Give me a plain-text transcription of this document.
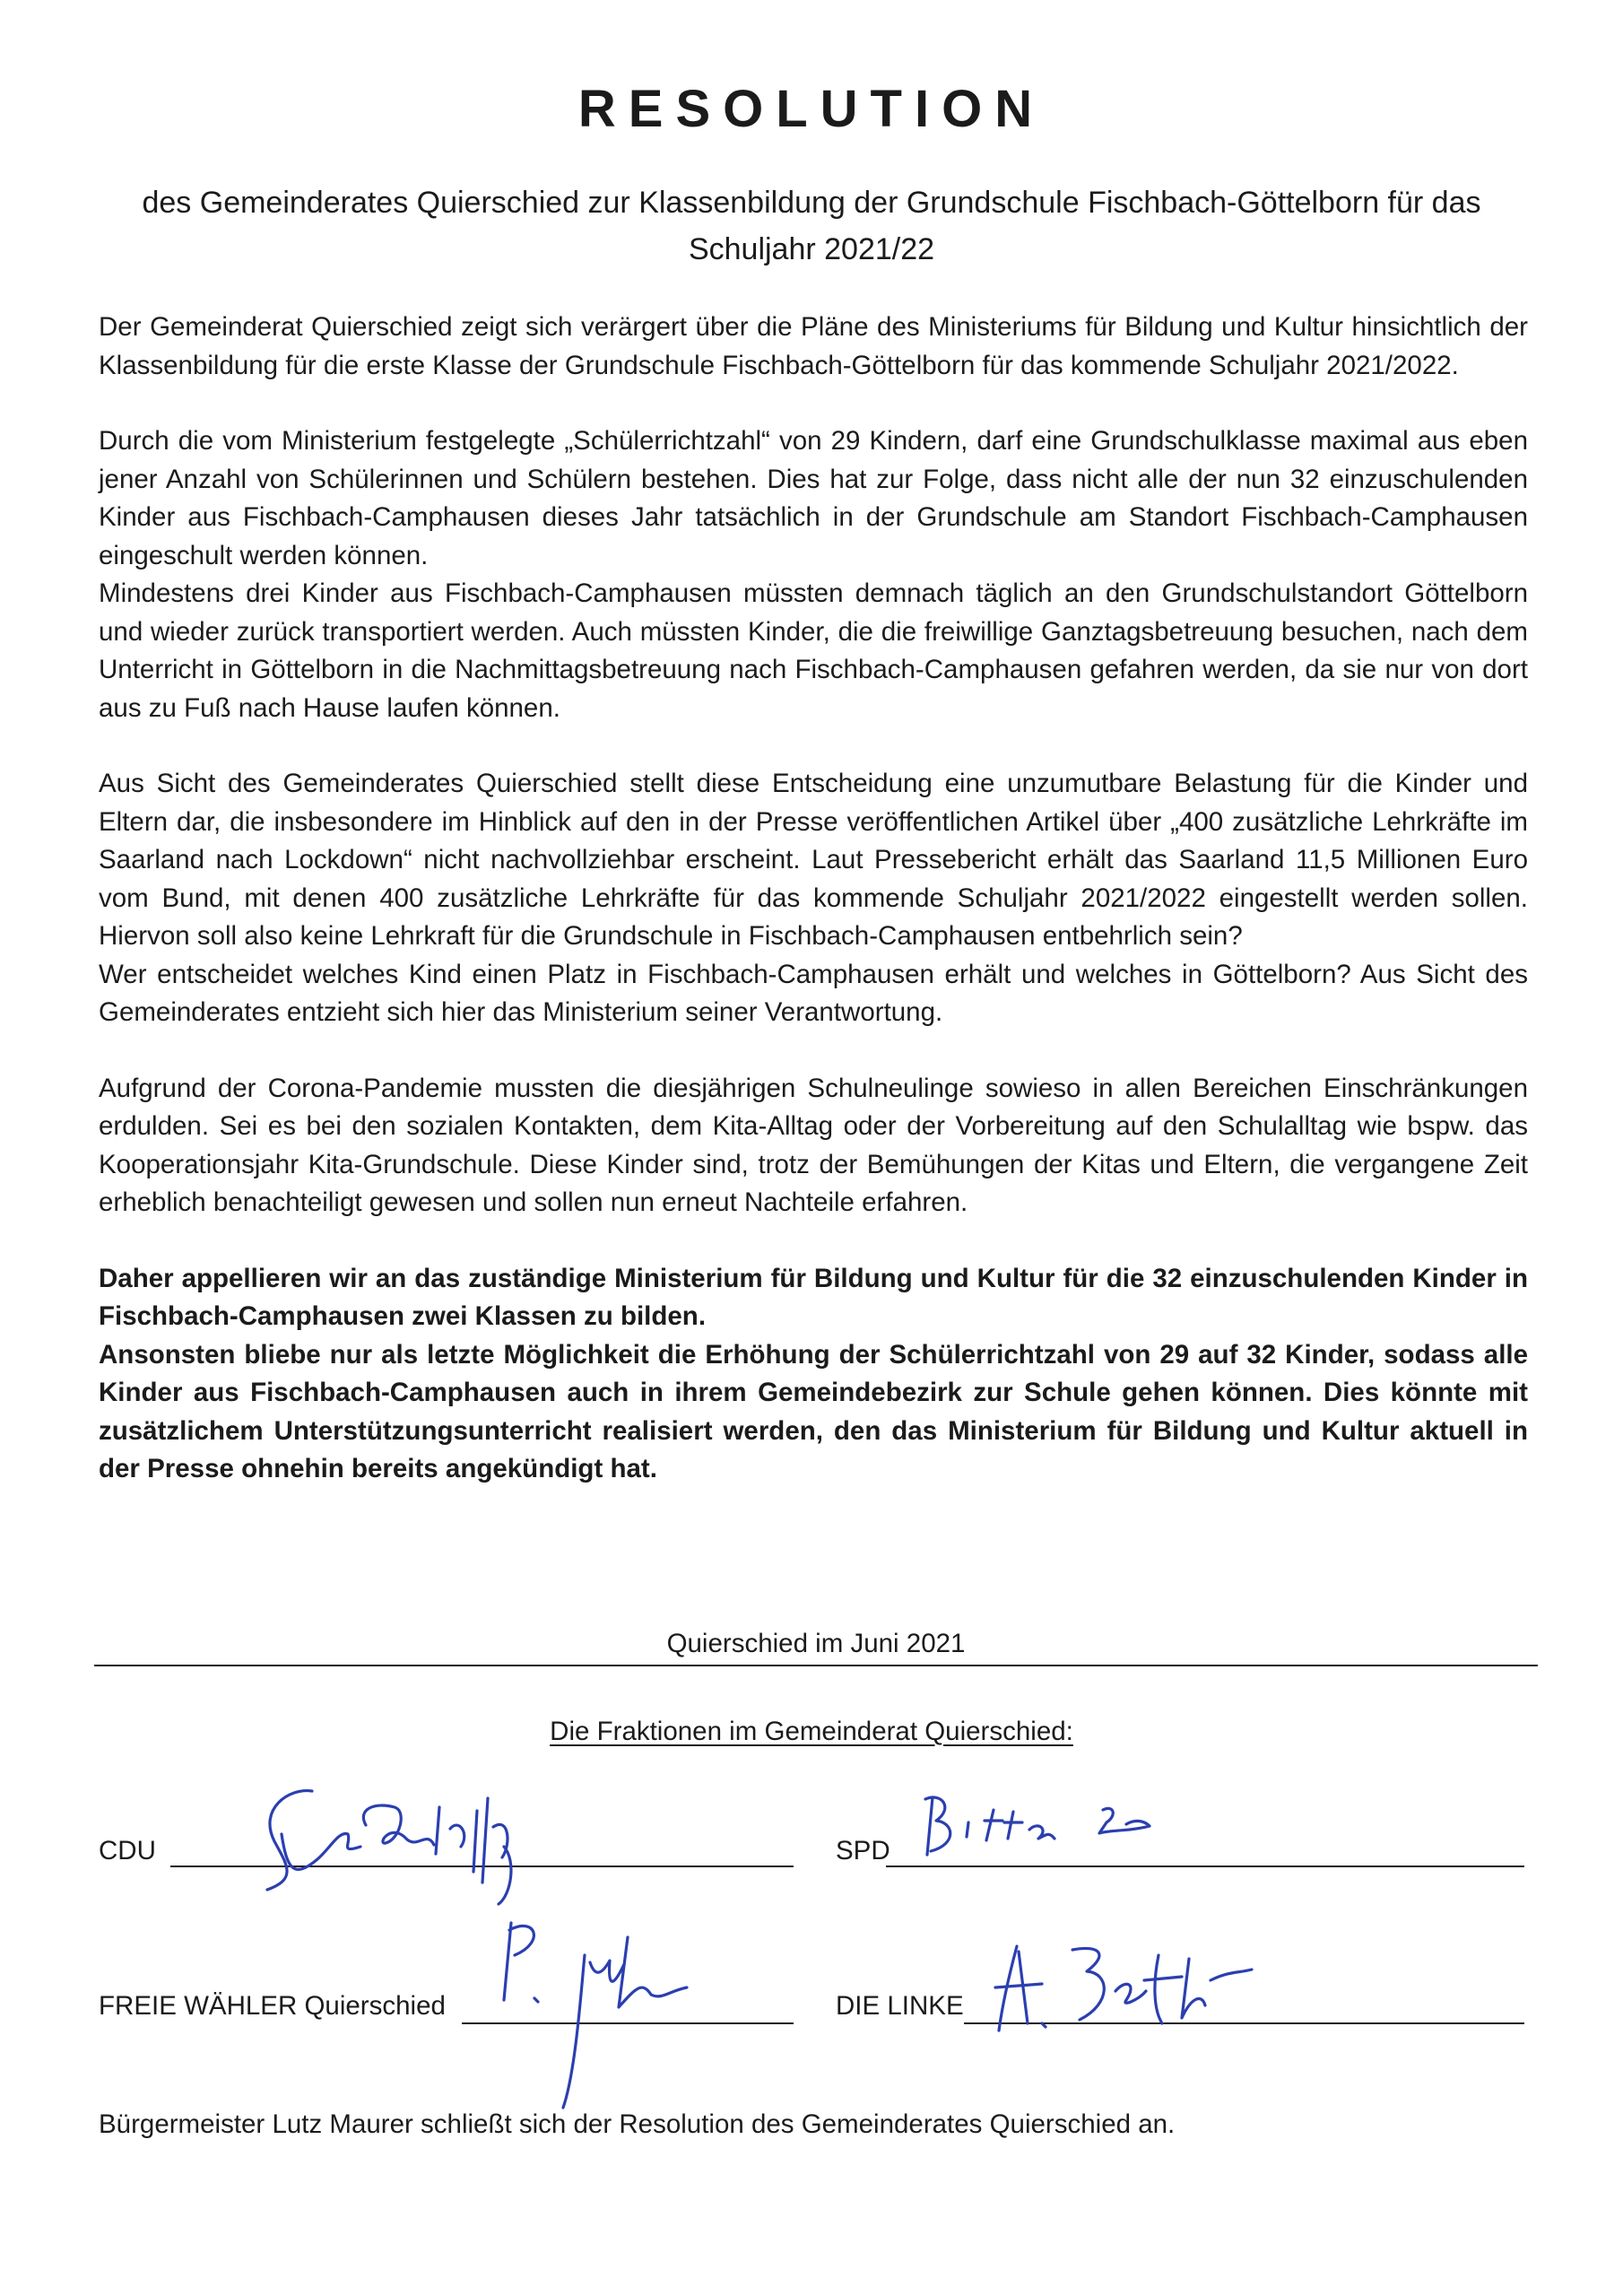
RESOLUTION
des Gemeinderates Quierschied zur Klassenbildung der Grundschule Fischbach-Göttelborn für das Schuljahr 2021/22

Der Gemeinderat Quierschied zeigt sich verärgert über die Pläne des Ministeriums für Bildung und Kultur hinsichtlich der Klassenbildung für die erste Klasse der Grundschule Fischbach-Göttelborn für das kommende Schuljahr 2021/2022.

Durch die vom Ministerium festgelegte „Schülerrichtzahl“ von 29 Kindern, darf eine Grundschulklasse maximal aus eben jener Anzahl von Schülerinnen und Schülern bestehen. Dies hat zur Folge, dass nicht alle der nun 32 einzuschulenden Kinder aus Fischbach-Camphausen dieses Jahr tatsächlich in der Grundschule am Standort Fischbach-Camphausen eingeschult werden können.

Mindestens drei Kinder aus Fischbach-Camphausen müssten demnach täglich an den Grundschulstandort Göttelborn und wieder zurück transportiert werden. Auch müssten Kinder, die die freiwillige Ganztagsbetreuung besuchen, nach dem Unterricht in Göttelborn in die Nachmittagsbetreuung nach Fischbach-Camphausen gefahren werden, da sie nur von dort aus zu Fuß nach Hause laufen können.

Aus Sicht des Gemeinderates Quierschied stellt diese Entscheidung eine unzumutbare Belastung für die Kinder und Eltern dar, die insbesondere im Hinblick auf den in der Presse veröffentlichen Artikel über „400 zusätzliche Lehrkräfte im Saarland nach Lockdown“ nicht nachvollziehbar erscheint. Laut Pressebericht erhält das Saarland 11,5 Millionen Euro vom Bund, mit denen 400 zusätzliche Lehrkräfte für das kommende Schuljahr 2021/2022 eingestellt werden sollen. Hiervon soll also keine Lehrkraft für die Grundschule in Fischbach-Camphausen entbehrlich sein?

Wer entscheidet welches Kind einen Platz in Fischbach-Camphausen erhält und welches in Göttelborn? Aus Sicht des Gemeinderates entzieht sich hier das Ministerium seiner Verantwortung.

Aufgrund der Corona-Pandemie mussten die diesjährigen Schulneulinge sowieso in allen Bereichen Einschränkungen erdulden. Sei es bei den sozialen Kontakten, dem Kita-Alltag oder der Vorbereitung auf den Schulalltag wie bspw. das Kooperationsjahr Kita-Grundschule. Diese Kinder sind, trotz der Bemühungen der Kitas und Eltern, die vergangene Zeit erheblich benachteiligt gewesen und sollen nun erneut Nachteile erfahren.

Daher appellieren wir an das zuständige Ministerium für Bildung und Kultur für die 32 einzuschulenden Kinder in Fischbach-Camphausen zwei Klassen zu bilden.

Ansonsten bliebe nur als letzte Möglichkeit die Erhöhung der Schülerrichtzahl von 29 auf 32 Kinder, sodass alle Kinder aus Fischbach-Camphausen auch in ihrem Gemeindebezirk zur Schule gehen können. Dies könnte mit zusätzlichem Unterstützungsunterricht realisiert werden, den das Ministerium für Bildung und Kultur aktuell in der Presse ohnehin bereits angekündigt hat.

Quierschied im Juni 2021
Die Fraktionen im Gemeinderat Quierschied:
CDU	SPD
FREIE WÄHLER Quierschied	DIE LINKE
Bürgermeister Lutz Maurer schließt sich der Resolution des Gemeinderates Quierschied an.
